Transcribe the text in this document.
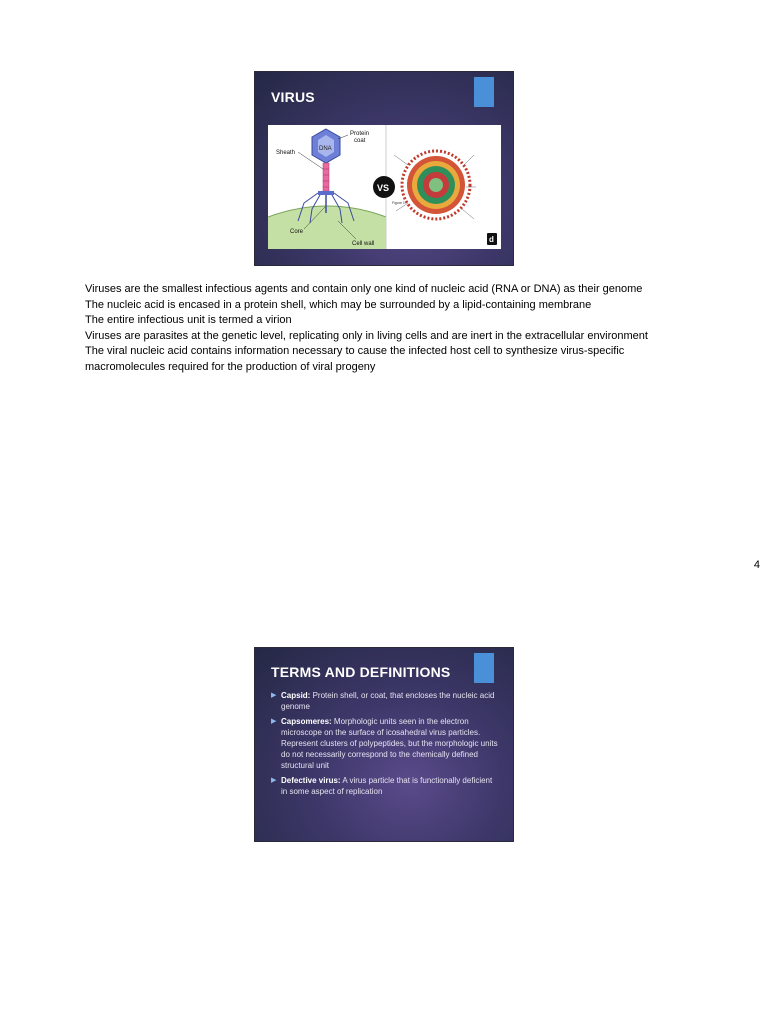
VIRUS
DNA
Protein
coat
Sheath
Core
Cell wall
VS
Figure 1
d

Viruses are the smallest infectious agents and contain only one kind of nucleic acid (RNA or DNA) as their genome

The nucleic acid is encased in a protein shell, which may be surrounded by a lipid-containing membrane

The entire infectious unit is termed a virion

Viruses are parasites at the genetic level, replicating only in living cells and are inert in the extracellular environment

The viral nucleic acid contains information necessary to cause the infected host cell to synthesize virus-specific macromolecules required for the production of viral progeny

4
TERMS AND DEFINITIONS
▶ Capsid: Protein shell, or coat, that encloses the nucleic acid genome
▶ Capsomeres: Morphologic units seen in the electron microscope on the surface of icosahedral virus particles. Represent clusters of polypeptides, but the morphologic units do not necessarily correspond to the chemically defined structural unit
▶ Defective virus: A virus particle that is functionally deficient in some aspect of replication
